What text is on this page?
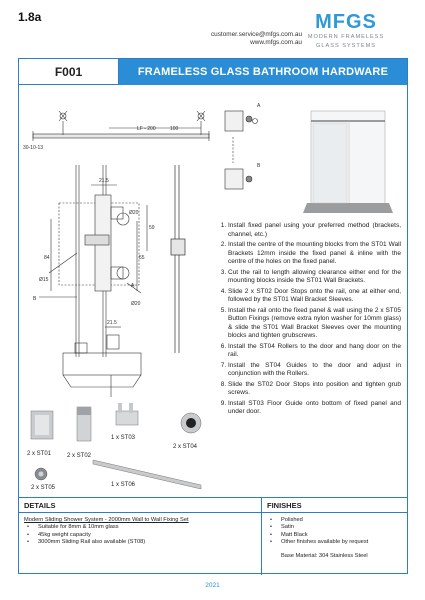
1.8a
customer.service@mfgs.com.au
www.mfgs.com.au
MFGS
MODERN FRAMELESS
GLASS SYSTEMS
F001	FRAMELESS GLASS BATHROOM HARDWARE
30-10-13
LF - 200	100
21.5
Ø20
Ø15
Ø20
84	55
59
B
A
21.5
2 x ST01	2 x ST02
1 x ST03
2 x ST04
2 x ST05	1 x ST06
A
B
1. Install fixed panel using your preferred method (brackets, channel, etc.)
2. Install the centre of the mounting blocks from the ST01 Wall Brackets 12mm inside the fixed panel & inline with the centre of the holes on the fixed panel.
3. Cut the rail to length allowing clearance either end for the mounting blocks inside the ST01 Wall Brackets.
4. Slide 2 x ST02 Door Stops onto the rail, one at either end, followed by the ST01 Wall Bracket Sleeves.
5. Install the rail onto the fixed panel & wall using the 2 x ST05 Button Fixings (remove extra nylon washer for 10mm glass) & slide the ST01 Wall Bracket Sleeves over the mounting blocks and tighten grubscrews.
6. Install the ST04 Rollers to the door and hang door on the rail.
7. Install the ST04 Guides to the door and adjust in conjunction with the Rollers.
8. Slide the ST02 Door Stops into position and tighten grub screws.
9. Install ST03 Floor Guide onto bottom of fixed panel and under door.
DETAILS
Modern Sliding Shower System - 2000mm Wall to Wall Fixing Set
• Suitable for 8mm & 10mm glass
• 45kg weight capacity
• 3000mm Sliding Rail also available (ST08)
FINISHES
• Polished
• Satin
• Matt Black
• Other finishes available by request
Base Material: 304 Stainless Steel
2021
